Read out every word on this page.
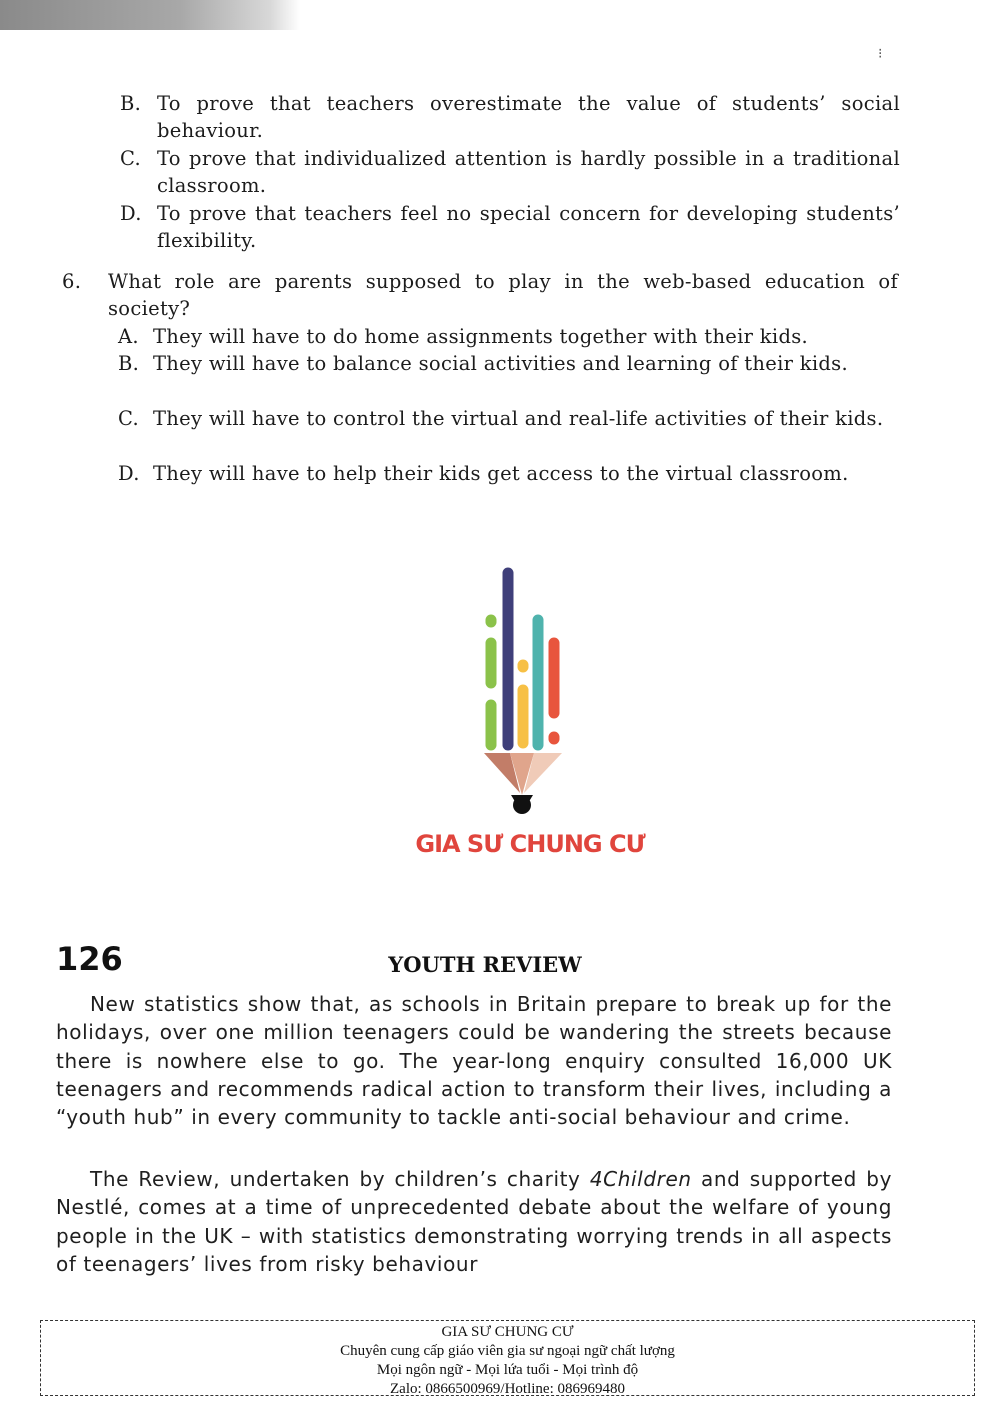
⁝
B. To prove that teachers overestimate the value of students’ social behaviour.
C. To prove that individualized attention is hardly possible in a traditional classroom.
D. To prove that teachers feel no special concern for developing students’ flexibility.
6. What role are parents supposed to play in the web-based education of society?
A. They will have to do home assignments together with their kids.
B. They will have to balance social activities and learning of their kids.
C. They will have to control the virtual and real-life activities of their kids.
D. They will have to help their kids get access to the virtual classroom.
GIA SƯ CHUNG CƯ
126	YOUTH REVIEW

New statistics show that, as schools in Britain prepare to break up for the holidays, over one million teenagers could be wandering the streets because there is nowhere else to go. The year-long enquiry consulted 16,000 UK teenagers and recommends radical action to transform their lives, including a “youth hub” in every community to tackle anti-social behaviour and crime.

The Review, undertaken by children’s charity 4Children and supported by Nestlé, comes at a time of unprecedented debate about the welfare of young people in the UK – with statistics demonstrating worrying trends in all aspects of teenagers’ lives from risky behaviour

GIA SƯ CHUNG CƯ
Chuyên cung cấp giáo viên gia sư ngoại ngữ chất lượng
Mọi ngôn ngữ - Mọi lứa tuổi - Mọi trình độ
Zalo: 0866500969/Hotline: 086969480
